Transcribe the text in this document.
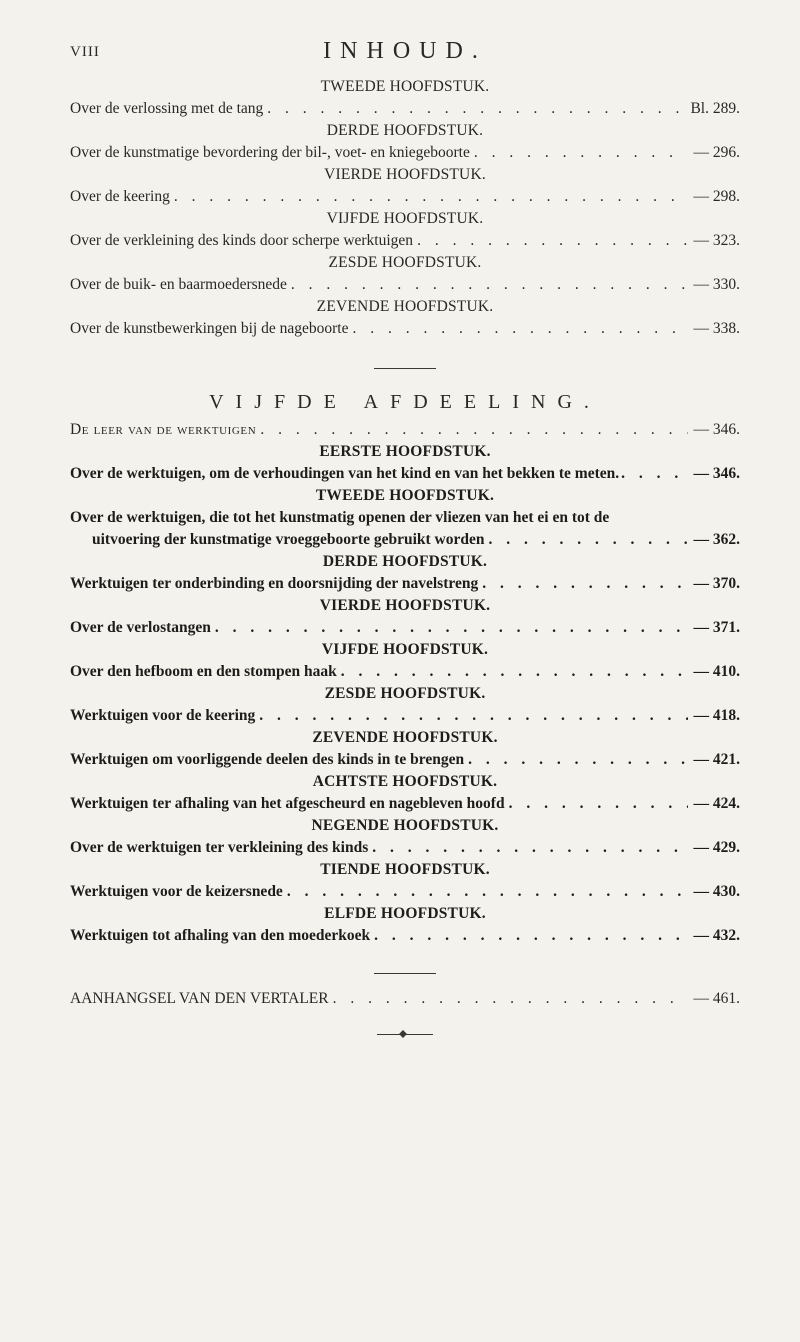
VIII	INHOUD.
TWEEDE HOOFDSTUK.
Over de verlossing met de tang . . .	Bl. 289.
DERDE HOOFDSTUK.
Over de kunstmatige bevordering der bil-, voet- en kniegeboorte . . .	— 296.
VIERDE HOOFDSTUK.
Over de keering . . .	— 298.
VIJFDE HOOFDSTUK.
Over de verkleining des kinds door scherpe werktuigen . . .	— 323.
ZESDE HOOFDSTUK.
Over de buik- en baarmoedersnede . . .	— 330.
ZEVENDE HOOFDSTUK.
Over de kunstbewerkingen bij de nageboorte . . .	— 338.
VIJFDE AFDEELING.
De leer van de werktuigen . . .	— 346.
EERSTE HOOFDSTUK.
Over de werktuigen, om de verhoudingen van het kind en van het bekken te meten. . . .	— 346.
TWEEDE HOOFDSTUK.
Over de werktuigen, die tot het kunstmatig openen der vliezen van het ei en tot de
uitvoering der kunstmatige vroeggeboorte gebruikt worden . . .	— 362.
DERDE HOOFDSTUK.
Werktuigen ter onderbinding en doorsnijding der navelstreng . . .	— 370.
VIERDE HOOFDSTUK.
Over de verlostangen . . .	— 371.
VIJFDE HOOFDSTUK.
Over den hefboom en den stompen haak . . .	— 410.
ZESDE HOOFDSTUK.
Werktuigen voor de keering . . .	— 418.
ZEVENDE HOOFDSTUK.
Werktuigen om voorliggende deelen des kinds in te brengen . . .	— 421.
ACHTSTE HOOFDSTUK.
Werktuigen ter afhaling van het afgescheurd en nagebleven hoofd . . .	— 424.
NEGENDE HOOFDSTUK.
Over de werktuigen ter verkleining des kinds . . .	— 429.
TIENDE HOOFDSTUK.
Werktuigen voor de keizersnede . . .	— 430.
ELFDE HOOFDSTUK.
Werktuigen tot afhaling van den moederkoek . . .	— 432.
AANHANGSEL VAN DEN VERTALER . . .	— 461.
